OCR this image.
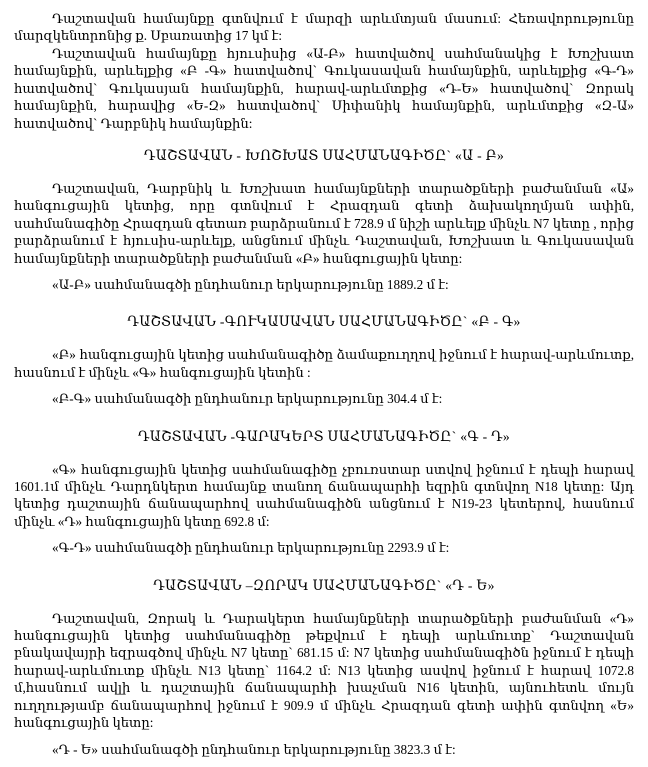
Դաշտավան համայնքը գտնվում է մարզի արևմտյան մասում: Հեռավորությունը մարզկենտրոնից ք. Սբառատից 17 կմ է:

Դաշտավան համայնքը հյուսիսից «Ա-Բ» հատվածով սահմանակից է Խոշխատ համայնքին, արևելքից «Բ -Գ» հատվածով` Գուկասավան համայնքին, արևելքից «Գ-Դ» հատվածով` Գուկասյան համայնքին, հարավ-արևմտքից «Դ-Ե» հատվածով` Զորակ համայնքին, հարավից «Ե-Զ» հատվածով` Սիփանիկ համայնքին, արևմտքից «Զ-Ա» հատվածով` Դարբնիկ համայնքին:

ԴԱՇՏԱՎԱՆ - ԽՈՇԽԱՏ ՍԱՀՄԱՆԱԳԻԾԸ` «Ա - Բ»

Դաշտավան, Դարբնիկ և Խոշխատ համայնքների տարածքների բաժանման «Ա» հանգուցային կետից, որը գտնվում է Հրազդան գետի ձախակողմյան ափին, սահմանագիծը Հրազդան գետառ բարձրանում է 728.9 մ նիշի արևելք մինչև N7 կետը , որից բարձրանում է հյուսիս-արևելք, անցնում մինչև Դաշտավան, Խոշխատ և Գուկասավան համայնքների տարածքների բաժանման «Բ» հանգուցային կետը:

«Ա-Բ» սահմանագծի ընդհանուր երկարությունը 1889.2 մ է:

ԴԱՇՏԱՎԱՆ -ԳՈՒԿԱՍԱՎԱՆ ՍԱՀՄԱՆԱԳԻԾԸ` «Բ - Գ»

«Բ» հանգուցային կետից սահմանագիծը ձամաքուղղով իջնում է հարավ-արևմուտք, հասնում է մինչև «Գ» հանգուցային կետին :

«Բ-Գ» սահմանագծի ընդհանուր երկարությունը 304.4 մ է:

ԴԱՇՏԱՎԱՆ -ԳԱՐԱԿԵՐՏ ՍԱՀՄԱՆԱԳԻԾԸ` «Գ - Դ»

«Գ» հանգուցային կետից սահմանագիծը չբուռստար ստվով իջնում է դեպի հարավ 1601.1մ մինչև Դարդնկերտ համայնք տանող ճանապարհի եզրին գտնվող N18 կետը: Այդ կետից դաշտային ճանապարհով սահմանագիծն անցնում է N19-23 կետերով, հասնում մինչև «Դ» հանգուցային կետը 692.8 մ:

«Գ-Դ» սահմանագծի ընդհանուր երկարությունը 2293.9 մ է:

ԴԱՇՏԱՎԱՆ –ԶՈՐԱԿ ՍԱՀՄԱՆԱԳԻԾԸ` «Դ - Ե»

Դաշտավան, Զորակ և Դարակերտ համայնքների տարածքների բաժանման «Դ» հանգուցային կետից սահմանագիծը թեքվում է դեպի արևմուտք` Դաշտավան բնակավայրի եզրագծով մինչև N7 կետը` 681.15 մ: N7 կետից սահմանագիծն իջնում է դեպի հարավ-արևմուտք մինչև N13 կետը` 1164.2 մ: N13 կետից ասվով իջնում է հարավ 1072.8 մ,հասնում ավլի և դաշտային ճանապարհի խաչման N16 կետին, այնուհետև մույն ուղղությամբ ճանապարհով իջնում է 909.9 մ մինչև Հրազդան գետի ափին գտնվող «Ե» հանգուցային կետը:

«Դ - Ե» սահմանագծի ընդհանուր երկարությունը 3823.3 մ է:
